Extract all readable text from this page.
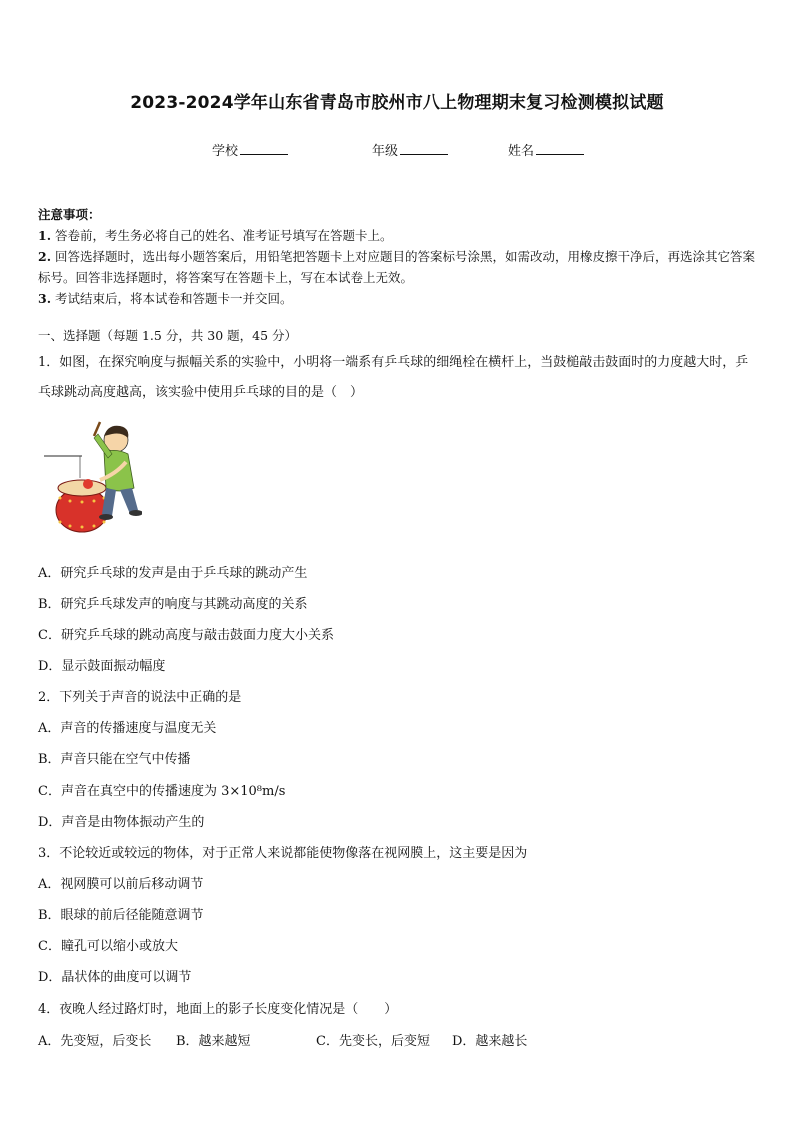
2023-2024学年山东省青岛市胶州市八上物理期末复习检测模拟试题
学校	年级	姓名
注意事项：
1. 答卷前，考生务必将自己的姓名、准考证号填写在答题卡上。
2. 回答选择题时，选出每小题答案后，用铅笔把答题卡上对应题目的答案标号涂黑，如需改动，用橡皮擦干净后，再选涂其它答案标号。回答非选择题时，将答案写在答题卡上，写在本试卷上无效。
3. 考试结束后，将本试卷和答题卡一并交回。
一、选择题（每题 1.5 分，共 30 题，45 分）
1．如图，在探究响度与振幅关系的实验中，小明将一端系有乒乓球的细绳栓在横杆上，当鼓槌敲击鼓面时的力度越大时，乒乓球跳动高度越高，该实验中使用乒乓球的目的是（　）
A．研究乒乓球的发声是由于乒乓球的跳动产生
B．研究乒乓球发声的响度与其跳动高度的关系
C．研究乒乓球的跳动高度与敲击鼓面力度大小关系
D．显示鼓面振动幅度
2．下列关于声音的说法中正确的是
A．声音的传播速度与温度无关
B．声音只能在空气中传播
C．声音在真空中的传播速度为 3×10⁸m/s
D．声音是由物体振动产生的
3．不论较近或较远的物体，对于正常人来说都能使物像落在视网膜上，这主要是因为
A．视网膜可以前后移动调节
B．眼球的前后径能随意调节
C．瞳孔可以缩小或放大
D．晶状体的曲度可以调节
4．夜晚人经过路灯时，地面上的影子长度变化情况是（　　）
A．先变短，后变长 B．越来越短	C．先变长，后变短 D．越来越长
